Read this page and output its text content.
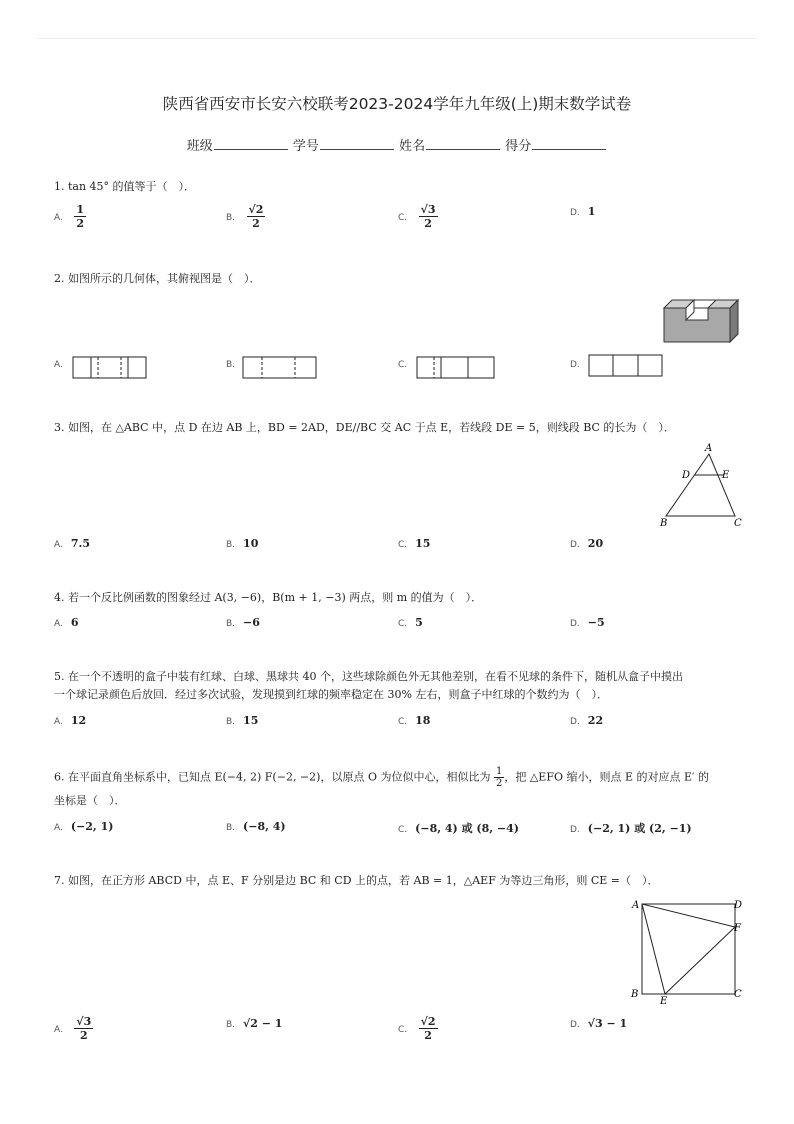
陕西省西安市长安六校联考2023-2024学年九年级(上)期末数学试卷
班级	学号	姓名	得分
1. tan 45° 的值等于（　）．
A. $\frac{1}{2}$	B. $\frac{√2}{2}$	C. $\frac{√3}{2}$	D. 1
2. 如图所示的几何体，其俯视图是（　）．
A.	B.	C.	D.
3. 如图，在 △ABC 中，点 D 在边 AB 上，BD = 2AD，DE//BC 交 AC 于点 E，若线段 DE = 5，则线段 BC 的长为（　）．
A
D	E
B	C
A. 7.5	B. 10	C. 15	D. 20
4. 若一个反比例函数的图象经过 A(3, −6)，B(m + 1, −3) 两点，则 m 的值为（　）．
A. 6	B. −6	C. 5	D. −5
5. 在一个不透明的盒子中装有红球、白球、黑球共 40 个，这些球除颜色外无其他差别，在看不见球的条件下，随机从盒子中摸出
一个球记录颜色后放回．经过多次试验，发现摸到红球的频率稳定在 30% 左右，则盒子中红球的个数约为（　）．
A. 12	B. 15	C. 18	D. 22
6. 在平面直角坐标系中，已知点 E(−4, 2) F(−2, −2)，以原点 O 为位似中心，相似比为 $\frac{1}{2}$ ，把 △EFO 缩小，则点 E 的对应点 E′ 的
坐标是（　）．
A. (−2, 1)	B. (−8, 4)	C. (−8, 4) 或 (8, −4)	D. (−2, 1) 或 (2, −1)
7. 如图，在正方形 ABCD 中，点 E、F 分别是边 BC 和 CD 上的点，若 AB = 1，△AEF 为等边三角形，则 CE =（　）．
A	D
F
B
E
C
A. $\frac{√3}{2}$	B. √2 − 1	C. $\frac{√2}{2}$	D. √3 − 1
